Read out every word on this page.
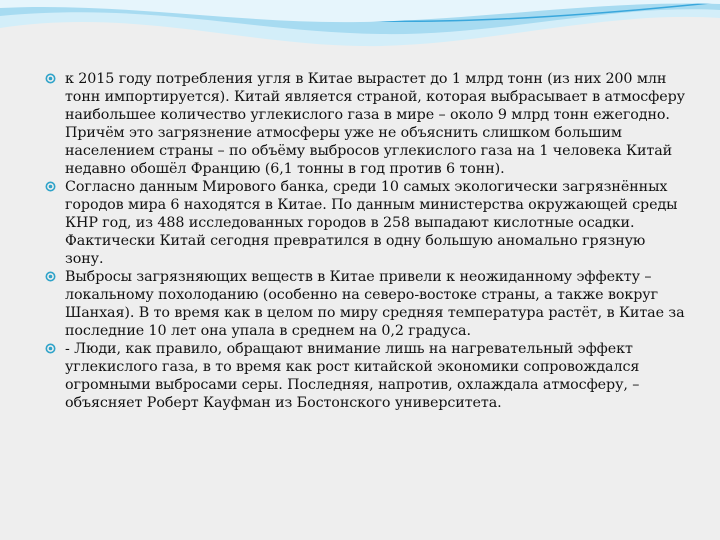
к 2015 году потребления угля в Китае вырастет до 1 млрд тонн (из них 200 млн тонн импортируется). Китай является страной, которая выбрасывает в атмосферу наибольшее количество углекислого газа в мире – около 9 млрд тонн ежегодно. Причём это загрязнение атмосферы уже не объяснить слишком большим населением страны – по объёму выбросов углекислого газа на 1 человека Китай недавно обошёл Францию (6,1 тонны в год против 6 тонн).
Согласно данным Мирового банка, среди 10 самых экологически загрязнённых городов мира 6 находятся в Китае. По данным министерства окружающей среды КНР год, из 488 исследованных городов в 258 выпадают кислотные осадки. Фактически Китай сегодня превратился в одну большую аномально грязную зону.
Выбросы загрязняющих веществ в Китае привели к неожиданному эффекту – локальному похолоданию (особенно на северо-востоке страны, а также вокруг Шанхая). В то время как в целом по миру средняя температура растёт, в Китае за последние 10 лет она упала в среднем на 0,2 градуса.
- Люди, как правило, обращают внимание лишь на нагревательный эффект углекислого газа, в то время как рост китайской экономики сопровождался огромными выбросами серы. Последняя, напротив, охлаждала атмосферу, – объясняет Роберт Кауфман из Бостонского университета.
